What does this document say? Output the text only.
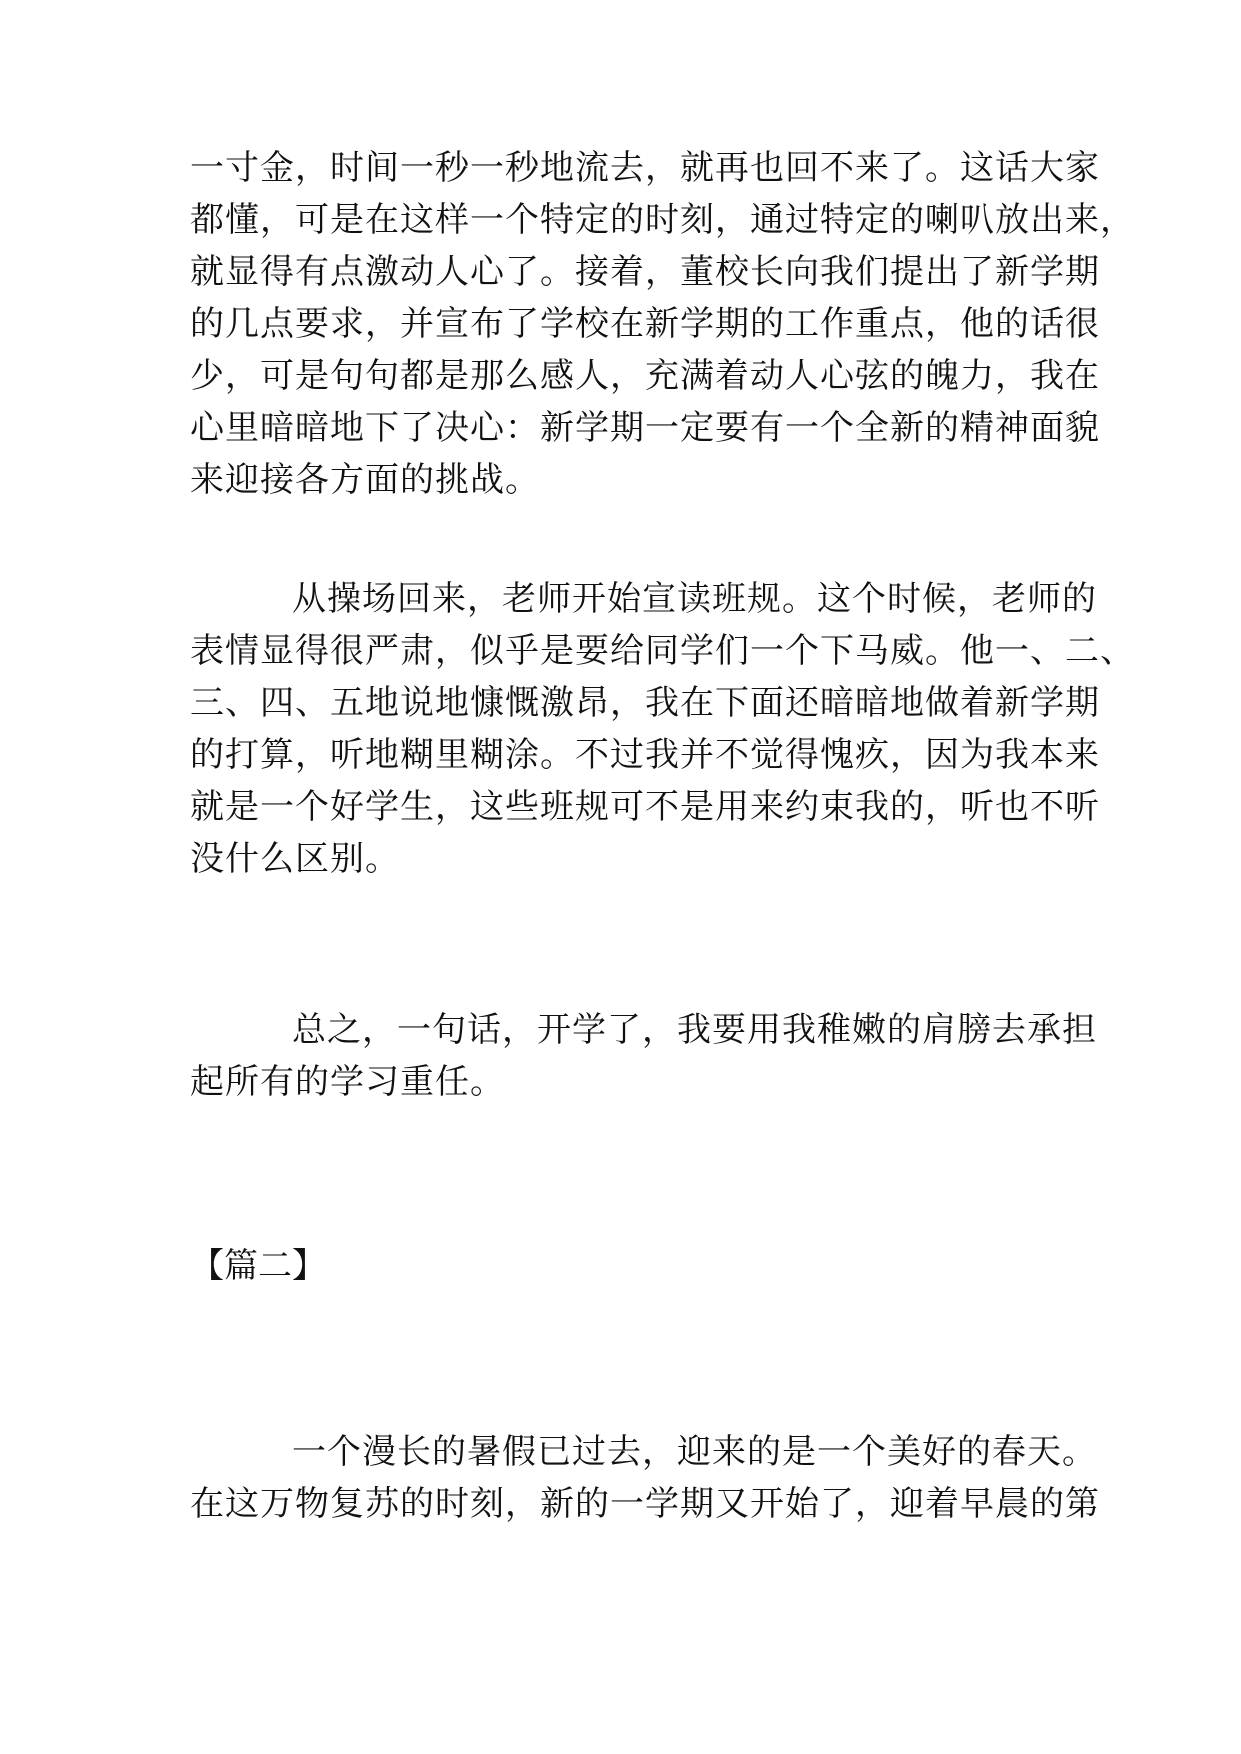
一寸金，时间一秒一秒地流去，就再也回不来了。这话大家
都懂，可是在这样一个特定的时刻，通过特定的喇叭放出来，
就显得有点激动人心了。接着，董校长向我们提出了新学期
的几点要求，并宣布了学校在新学期的工作重点，他的话很
少，可是句句都是那么感人，充满着动人心弦的魄力，我在
心里暗暗地下了决心：新学期一定要有一个全新的精神面貌
来迎接各方面的挑战。
从操场回来，老师开始宣读班规。这个时候，老师的
表情显得很严肃，似乎是要给同学们一个下马威。他一、二、
三、四、五地说地慷慨激昂，我在下面还暗暗地做着新学期
的打算，听地糊里糊涂。不过我并不觉得愧疚，因为我本来
就是一个好学生，这些班规可不是用来约束我的，听也不听
没什么区别。
总之，一句话，开学了，我要用我稚嫩的肩膀去承担
起所有的学习重任。
【篇二】
一个漫长的暑假已过去，迎来的是一个美好的春天。
在这万物复苏的时刻，新的一学期又开始了，迎着早晨的第
